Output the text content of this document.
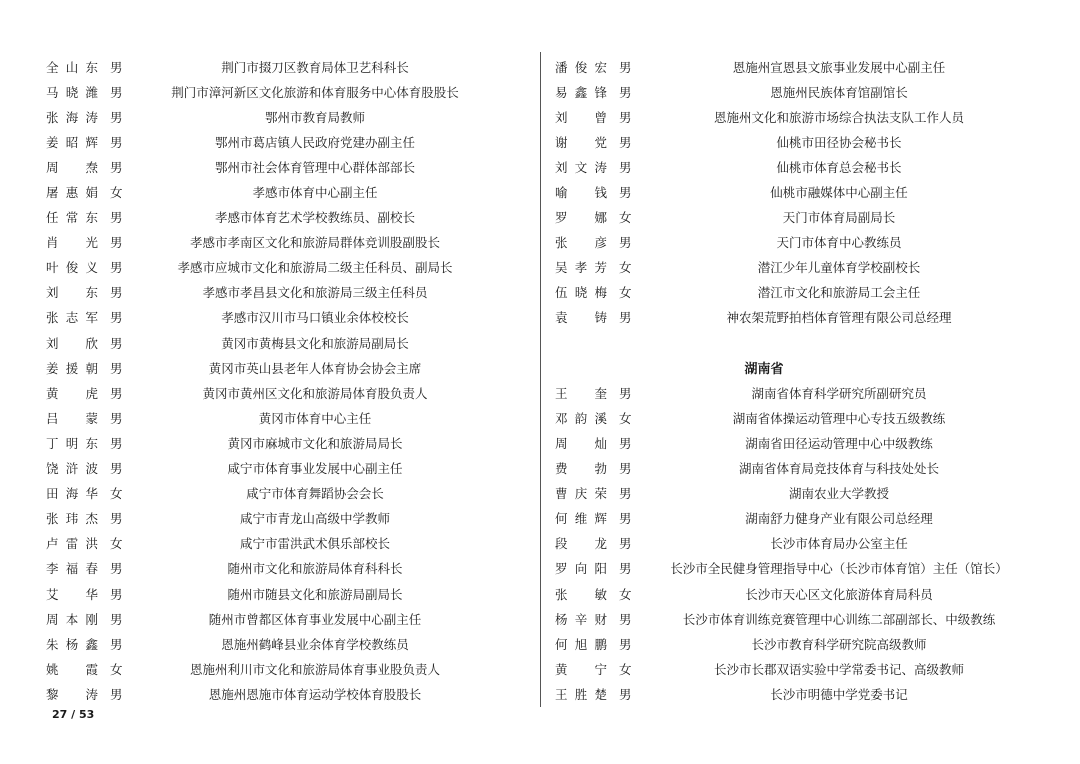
全山东 男	荆门市掇刀区教育局体卫艺科科长
马晓潍 男	荆门市漳河新区文化旅游和体育服务中心体育股股长
张海涛 男	鄂州市教育局教师
姜昭辉 男	鄂州市葛店镇人民政府党建办副主任
周 焘 男	鄂州市社会体育管理中心群体部部长
屠惠娟 女	孝感市体育中心副主任
任常东 男	孝感市体育艺术学校教练员、副校长
肖 光 男	孝感市孝南区文化和旅游局群体竞训股副股长
叶俊义 男	孝感市应城市文化和旅游局二级主任科员、副局长
刘 东 男	孝感市孝昌县文化和旅游局三级主任科员
张志军 男	孝感市汉川市马口镇业余体校校长
刘 欣 男	黄冈市黄梅县文化和旅游局副局长
姜援朝 男	黄冈市英山县老年人体育协会协会主席
黄 虎 男	黄冈市黄州区文化和旅游局体育股负责人
吕 蒙 男	黄冈市体育中心主任
丁明东 男	黄冈市麻城市文化和旅游局局长
饶浒波 男	咸宁市体育事业发展中心副主任
田海华 女	咸宁市体育舞蹈协会会长
张玮杰 男	咸宁市青龙山高级中学教师
卢雷洪 女	咸宁市雷洪武术俱乐部校长
李福春 男	随州市文化和旅游局体育科科长
艾 华 男	随州市随县文化和旅游局副局长
周本刚 男	随州市曾都区体育事业发展中心副主任
朱杨鑫 男	恩施州鹤峰县业余体育学校教练员
姚 霞 女	恩施州利川市文化和旅游局体育事业股负责人
黎 涛 男	恩施州恩施市体育运动学校体育股股长
潘俊宏 男	恩施州宣恩县文旅事业发展中心副主任
易鑫锋 男	恩施州民族体育馆副馆长
刘 曾 男	恩施州文化和旅游市场综合执法支队工作人员
谢 党 男	仙桃市田径协会秘书长
刘文涛 男	仙桃市体育总会秘书长
喻 钱 男	仙桃市融媒体中心副主任
罗 娜 女	天门市体育局副局长
张 彦 男	天门市体育中心教练员
吴孝芳 女	潜江少年儿童体育学校副校长
伍晓梅 女	潜江市文化和旅游局工会主任
袁 铸 男	神农架荒野拍档体育管理有限公司总经理
湖南省
王 奎 男	湖南省体育科学研究所副研究员
邓韵溪 女	湖南省体操运动管理中心专技五级教练
周 灿 男	湖南省田径运动管理中心中级教练
费 勃 男	湖南省体育局竞技体育与科技处处长
曹庆荣 男	湖南农业大学教授
何维辉 男	湖南舒力健身产业有限公司总经理
段 龙 男	长沙市体育局办公室主任
罗向阳 男	长沙市全民健身管理指导中心（长沙市体育馆）主任（馆长）
张 敏 女	长沙市天心区文化旅游体育局科员
杨辛财 男	长沙市体育训练竞赛管理中心训练二部副部长、中级教练
何旭鹏 男	长沙市教育科学研究院高级教师
黄 宁 女	长沙市长郡双语实验中学常委书记、高级教师
王胜楚 男	长沙市明德中学党委书记
27 / 53
